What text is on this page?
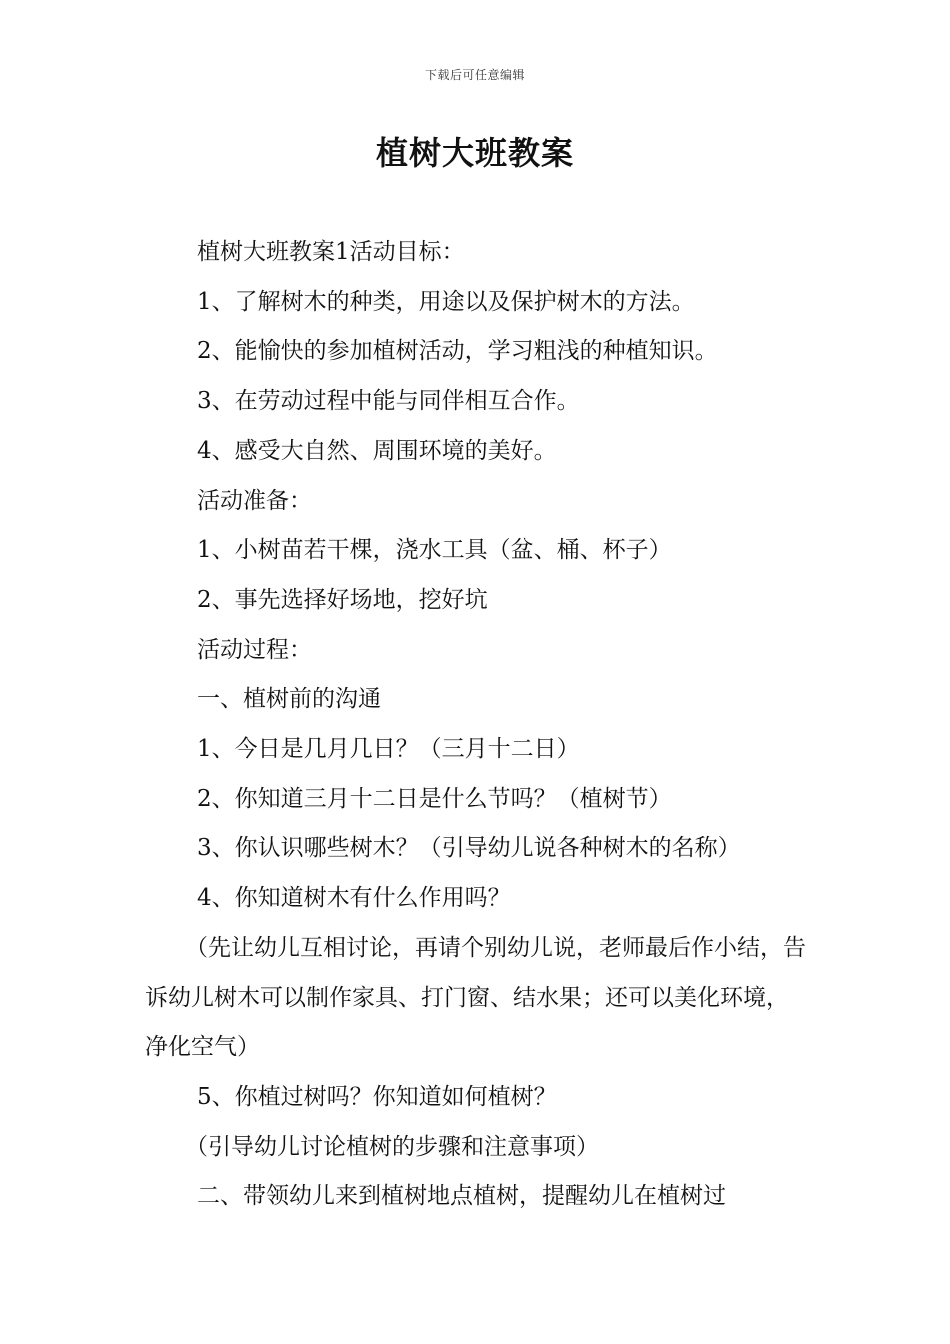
下载后可任意编辑
植树大班教案

植树大班教案1活动目标：

1、了解树木的种类，用途以及保护树木的方法。

2、能愉快的参加植树活动，学习粗浅的种植知识。

3、在劳动过程中能与同伴相互合作。

4、感受大自然、周围环境的美好。

活动准备：

1、小树苗若干棵，浇水工具（盆、桶、杯子）

2、事先选择好场地，挖好坑

活动过程：

一、植树前的沟通

1、今日是几月几日？（三月十二日）

2、你知道三月十二日是什么节吗？（植树节）

3、你认识哪些树木？（引导幼儿说各种树木的名称）

4、你知道树木有什么作用吗？

（先让幼儿互相讨论，再请个别幼儿说，老师最后作小结，告诉幼儿树木可以制作家具、打门窗、结水果；还可以美化环境，净化空气）

5、你植过树吗？你知道如何植树？

（引导幼儿讨论植树的步骤和注意事项）

二、带领幼儿来到植树地点植树，提醒幼儿在植树过
